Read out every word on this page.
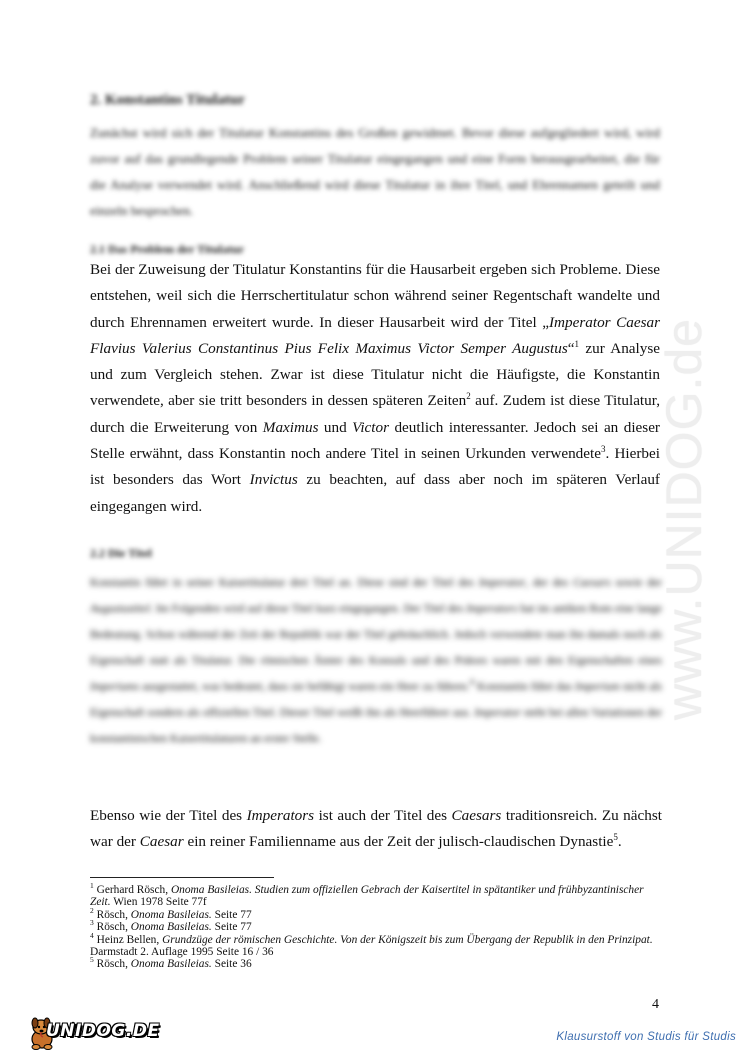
www.UNIDOG.de
2. Konstantins Titulatur
Zunächst wird sich der Titulatur Konstantins des Großen gewidmet. Bevor diese aufgegliedert wird, wird zuvor auf das grundlegende Problem seiner Titulatur eingegangen und eine Form herausgearbeitet, die für die Analyse verwendet wird. Anschließend wird diese Titulatur in ihre Titel, und Ehrennamen geteilt und einzeln besprochen.
2.1 Das Problem der Titulatur
Bei der Zuweisung der Titulatur Konstantins für die Hausarbeit ergeben sich Probleme. Diese entstehen, weil sich die Herrschertitulatur schon während seiner Regentschaft wandelte und durch Ehrennamen erweitert wurde. In dieser Hausarbeit wird der Titel „Imperator Caesar Flavius Valerius Constantinus Pius Felix Maximus Victor Semper Augustus“$^1$ zur Analyse und zum Vergleich stehen. Zwar ist diese Titulatur nicht die Häufigste, die Konstantin verwendete, aber sie tritt besonders in dessen späteren Zeiten$^2$ auf. Zudem ist diese Titulatur, durch die Erweiterung von Maximus und Victor deutlich interessanter. Jedoch sei an dieser Stelle erwähnt, dass Konstantin noch andere Titel in seinen Urkunden verwendete$^3$. Hierbei ist besonders das Wort Invictus zu beachten, auf dass aber noch im späteren Verlauf eingegangen wird.
2.2 Die Titel
Konstantin führt in seiner Kaisertitulatur drei Titel an. Diese sind der Titel des Imperator, der des Caesars sowie der Augustustitel. Im Folgenden wird auf diese Titel kurz eingegangen. Der Titel des Imperators hat im antiken Rom eine lange Bedeutung. Schon während der Zeit der Republik war der Titel gebräuchlich. Jedoch verwendete man ihn damals noch als Eigenschaft statt als Titulatur. Die römischen Ämter des Konsuls und des Prätors waren mit den Eigenschaften eines Imperiums ausgestattet, was bedeutet, dass sie befähigt waren ein Heer zu führen.$^4$ Konstantin führt das Imperium nicht als Eigenschaft sondern als offiziellen Titel. Dieser Titel weißt ihn als Heerführer aus. Imperator steht bei allen Variationen der konstantinischen Kaisertitulaturen an erster Stelle.
Ebenso wie der Titel des Imperators ist auch der Titel des Caesars traditionsreich. Zu nächst war der Caesar ein reiner Familienname aus der Zeit der julisch-claudischen Dynastie$^5$.

$^1$ Gerhard Rösch, Onoma Basileias. Studien zum offiziellen Gebrach der Kaisertitel in spätantiker und frühbyzantinischer Zeit. Wien 1978 Seite 77f

$^2$ Rösch, Onoma Basileias. Seite 77

$^3$ Rösch, Onoma Basileias. Seite 77

$^4$ Heinz Bellen, Grundzüge der römischen Geschichte. Von der Königszeit bis zum Übergang der Republik in den Prinzipat. Darmstadt 2. Auflage 1995 Seite 16 / 36

$^5$ Rösch, Onoma Basileias. Seite 36

4
UNIDOG.DE	Klausurstoff von Studis für Studis
